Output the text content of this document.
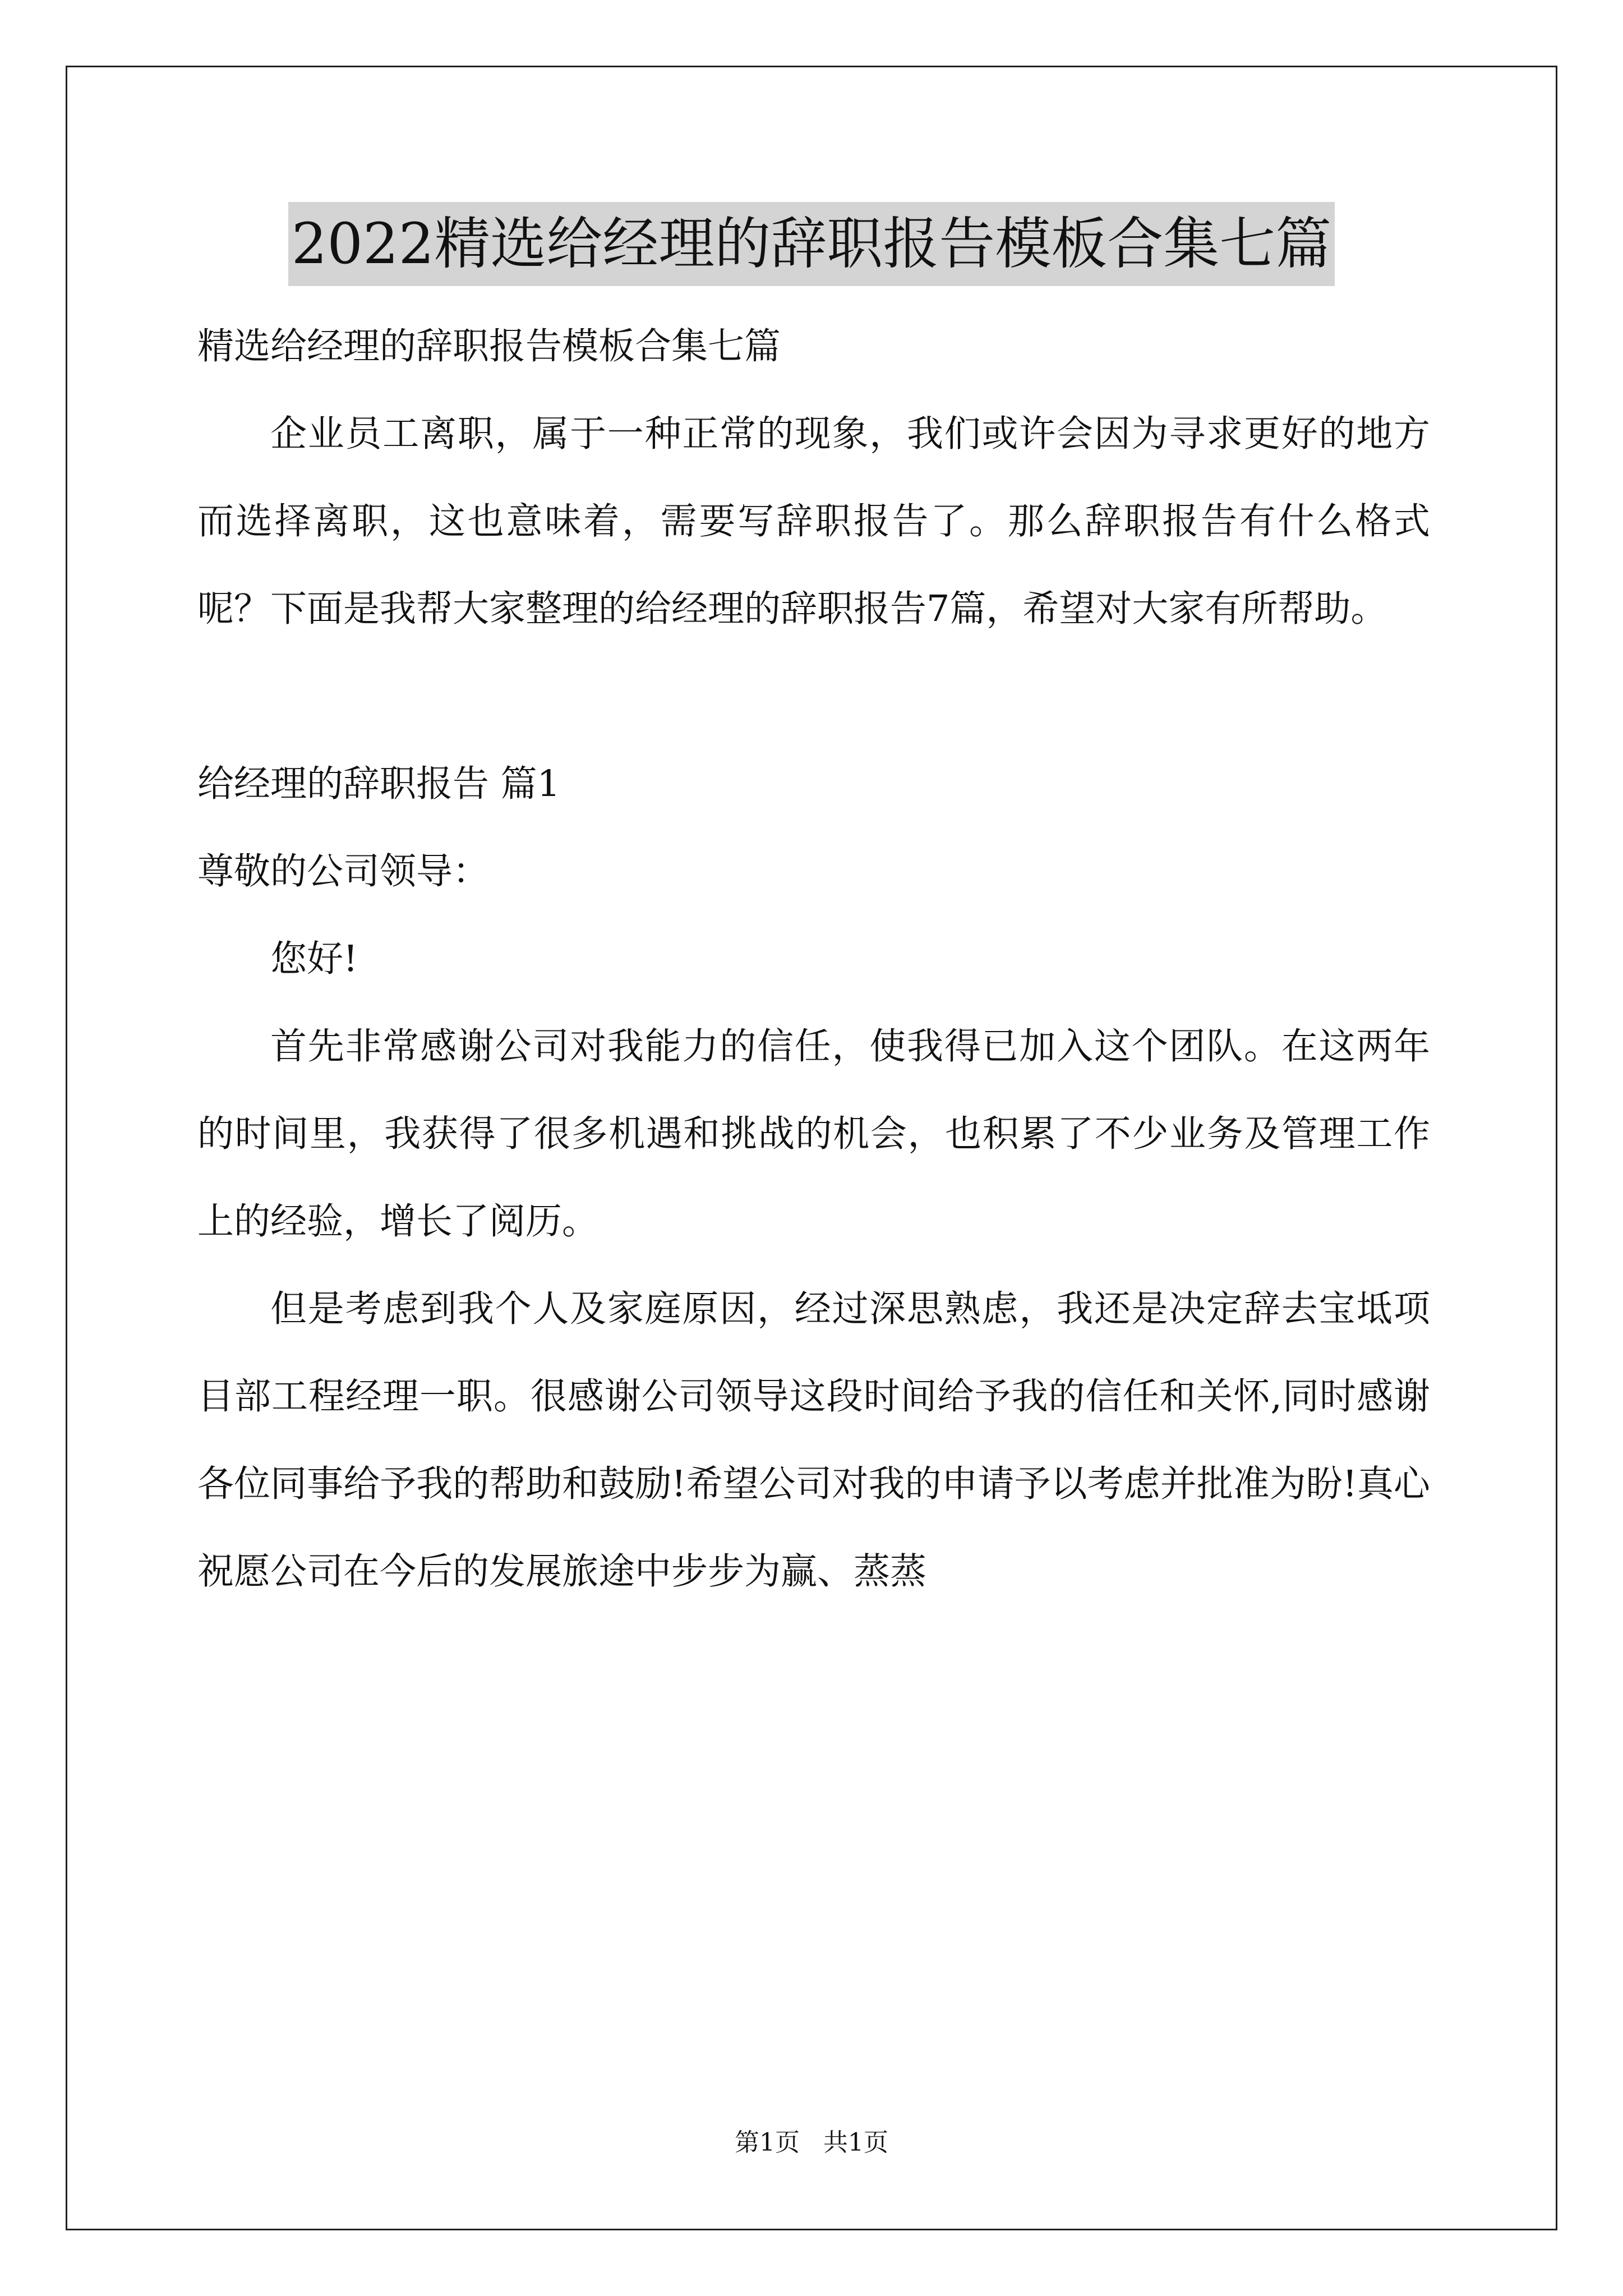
2022精选给经理的辞职报告模板合集七篇

精选给经理的辞职报告模板合集七篇

企业员工离职，属于一种正常的现象，我们或许会因为寻求更好的地方而选择离职，这也意味着，需要写辞职报告了。那么辞职报告有什么格式呢？下面是我帮大家整理的给经理的辞职报告7篇，希望对大家有所帮助。

给经理的辞职报告 篇1

尊敬的公司领导：

您好!

首先非常感谢公司对我能力的信任，使我得已加入这个团队。在这两年的时间里，我获得了很多机遇和挑战的机会，也积累了不少业务及管理工作上的经验，增长了阅历。

但是考虑到我个人及家庭原因，经过深思熟虑，我还是决定辞去宝坻项目部工程经理一职。很感谢公司领导这段时间给予我的信任和关怀,同时感谢各位同事给予我的帮助和鼓励!希望公司对我的申请予以考虑并批准为盼!真心祝愿公司在今后的发展旅途中步步为赢、蒸蒸

第1页   共1页
